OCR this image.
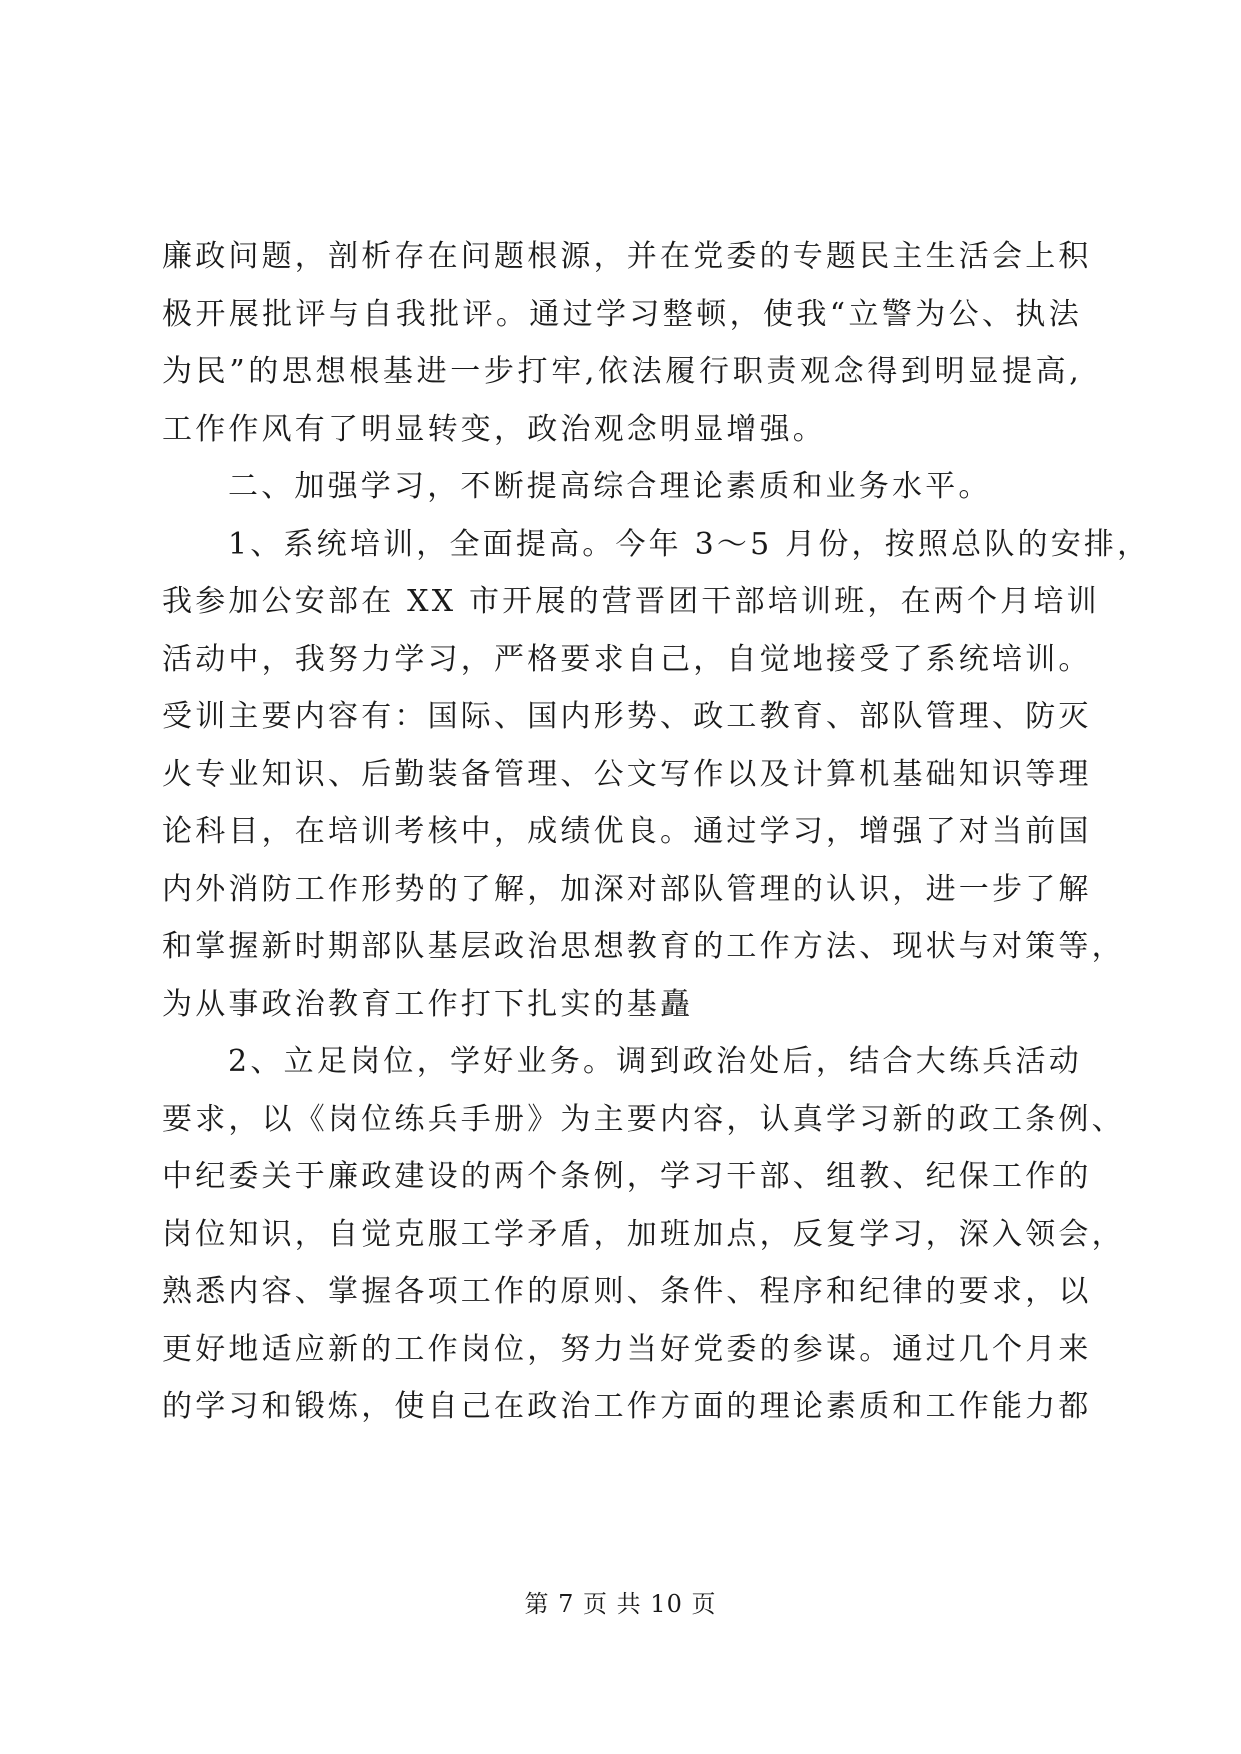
廉政问题，剖析存在问题根源，并在党委的专题民主生活会上积
极开展批评与自我批评。通过学习整顿，使我“立警为公、执法
为民”的思想根基进一步打牢,依法履行职责观念得到明显提高,
工作作风有了明显转变，政治观念明显增强。
二、加强学习，不断提高综合理论素质和业务水平。
1、系统培训，全面提高。今年 3～5 月份，按照总队的安排，
我参加公安部在 XX 市开展的营晋团干部培训班，在两个月培训
活动中，我努力学习，严格要求自己，自觉地接受了系统培训。
受训主要内容有：国际、国内形势、政工教育、部队管理、防灭
火专业知识、后勤装备管理、公文写作以及计算机基础知识等理
论科目，在培训考核中，成绩优良。通过学习，增强了对当前国
内外消防工作形势的了解，加深对部队管理的认识，进一步了解
和掌握新时期部队基层政治思想教育的工作方法、现状与对策等，
为从事政治教育工作打下扎实的基矗
2、立足岗位，学好业务。调到政治处后，结合大练兵活动
要求，以《岗位练兵手册》为主要内容，认真学习新的政工条例、
中纪委关于廉政建设的两个条例，学习干部、组教、纪保工作的
岗位知识，自觉克服工学矛盾，加班加点，反复学习，深入领会，
熟悉内容、掌握各项工作的原则、条件、程序和纪律的要求，以
更好地适应新的工作岗位，努力当好党委的参谋。通过几个月来
的学习和锻炼，使自己在政治工作方面的理论素质和工作能力都
第 7 页 共 10 页
